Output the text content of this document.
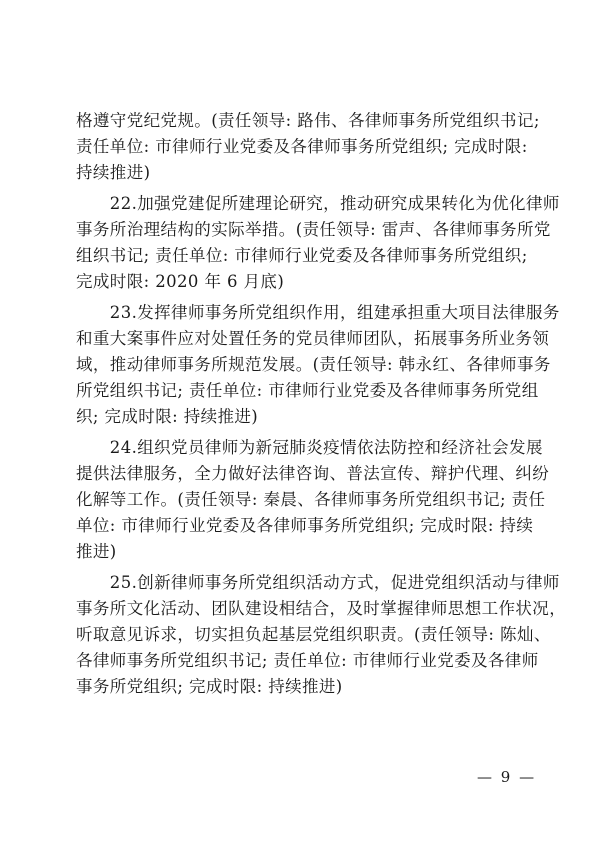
格遵守党纪党规。(责任领导: 路伟、各律师事务所党组织书记;
责任单位: 市律师行业党委及各律师事务所党组织; 完成时限:
持续推进)
　　22.加强党建促所建理论研究，推动研究成果转化为优化律师
事务所治理结构的实际举措。(责任领导: 雷声、各律师事务所党
组织书记; 责任单位: 市律师行业党委及各律师事务所党组织;
完成时限: 2020 年 6 月底)
　　23.发挥律师事务所党组织作用，组建承担重大项目法律服务
和重大案事件应对处置任务的党员律师团队，拓展事务所业务领
域，推动律师事务所规范发展。(责任领导: 韩永红、各律师事务
所党组织书记; 责任单位: 市律师行业党委及各律师事务所党组
织; 完成时限: 持续推进)
　　24.组织党员律师为新冠肺炎疫情依法防控和经济社会发展
提供法律服务，全力做好法律咨询、普法宣传、辩护代理、纠纷
化解等工作。(责任领导: 秦晨、各律师事务所党组织书记; 责任
单位: 市律师行业党委及各律师事务所党组织; 完成时限: 持续
推进)
　　25.创新律师事务所党组织活动方式，促进党组织活动与律师
事务所文化活动、团队建设相结合，及时掌握律师思想工作状况，
听取意见诉求，切实担负起基层党组织职责。(责任领导: 陈灿、
各律师事务所党组织书记; 责任单位: 市律师行业党委及各律师
事务所党组织; 完成时限: 持续推进)
— 9 —
